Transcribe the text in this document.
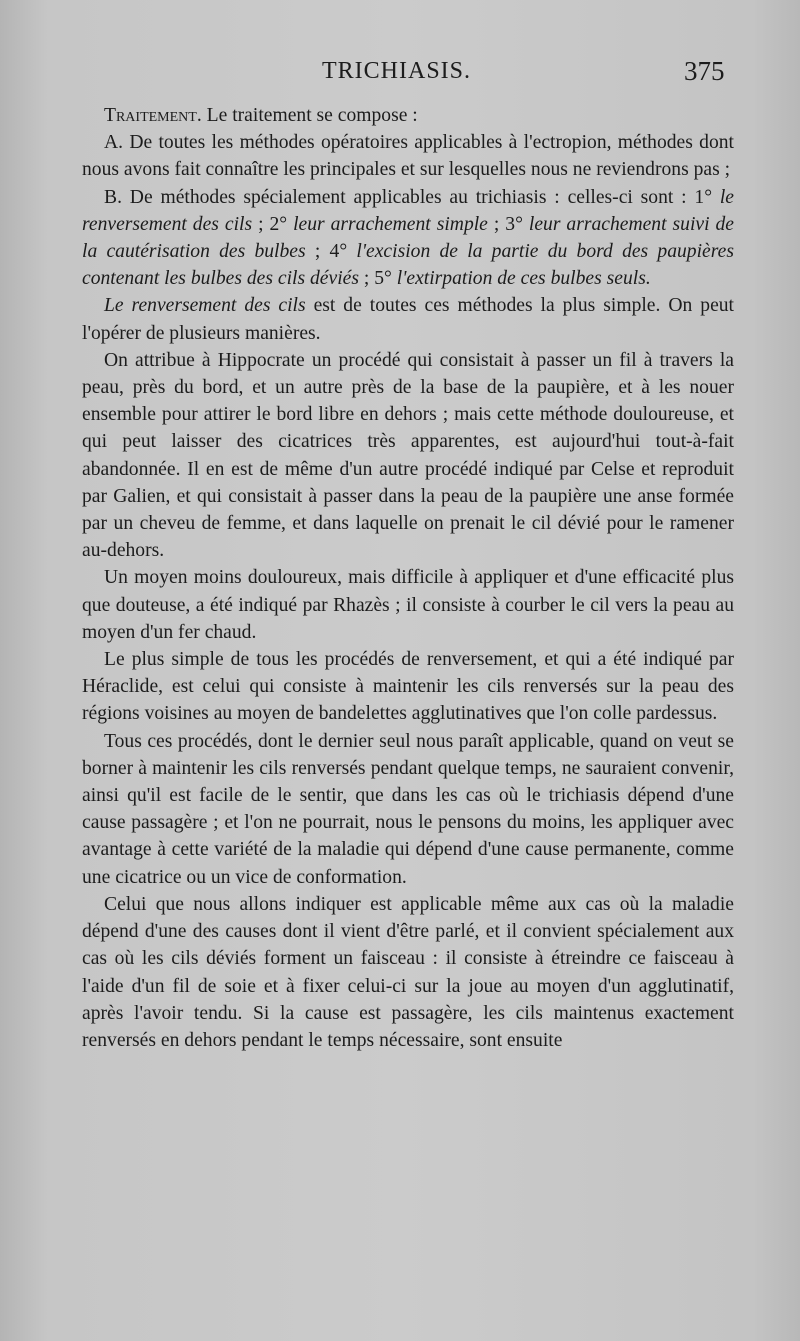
TRICHIASIS.	375

Traitement. Le traitement se compose :

A. De toutes les méthodes opératoires applicables à l'ectropion, méthodes dont nous avons fait connaître les principales et sur lesquelles nous ne reviendrons pas ;

B. De méthodes spécialement applicables au trichiasis : celles-ci sont : 1° le renversement des cils ; 2° leur arrachement simple ; 3° leur arrachement suivi de la cautérisation des bulbes ; 4° l'excision de la partie du bord des paupières contenant les bulbes des cils déviés ; 5° l'extirpation de ces bulbes seuls.

Le renversement des cils est de toutes ces méthodes la plus simple. On peut l'opérer de plusieurs manières.

On attribue à Hippocrate un procédé qui consistait à passer un fil à travers la peau, près du bord, et un autre près de la base de la paupière, et à les nouer ensemble pour attirer le bord libre en dehors ; mais cette méthode douloureuse, et qui peut laisser des cicatrices très apparentes, est aujourd'hui tout-à-fait abandonnée. Il en est de même d'un autre procédé indiqué par Celse et reproduit par Galien, et qui consistait à passer dans la peau de la paupière une anse formée par un cheveu de femme, et dans laquelle on prenait le cil dévié pour le ramener au-dehors.

Un moyen moins douloureux, mais difficile à appliquer et d'une efficacité plus que douteuse, a été indiqué par Rhazès ; il consiste à courber le cil vers la peau au moyen d'un fer chaud.

Le plus simple de tous les procédés de renversement, et qui a été indiqué par Héraclide, est celui qui consiste à maintenir les cils renversés sur la peau des régions voisines au moyen de bandelettes agglutinatives que l'on colle pardessus.

Tous ces procédés, dont le dernier seul nous paraît applicable, quand on veut se borner à maintenir les cils renversés pendant quelque temps, ne sauraient convenir, ainsi qu'il est facile de le sentir, que dans les cas où le trichiasis dépend d'une cause passagère ; et l'on ne pourrait, nous le pensons du moins, les appliquer avec avantage à cette variété de la maladie qui dépend d'une cause permanente, comme une cicatrice ou un vice de conformation.

Celui que nous allons indiquer est applicable même aux cas où la maladie dépend d'une des causes dont il vient d'être parlé, et il convient spécialement aux cas où les cils déviés forment un faisceau : il consiste à étreindre ce faisceau à l'aide d'un fil de soie et à fixer celui-ci sur la joue au moyen d'un agglutinatif, après l'avoir tendu. Si la cause est passagère, les cils maintenus exactement renversés en dehors pendant le temps nécessaire, sont ensuite
